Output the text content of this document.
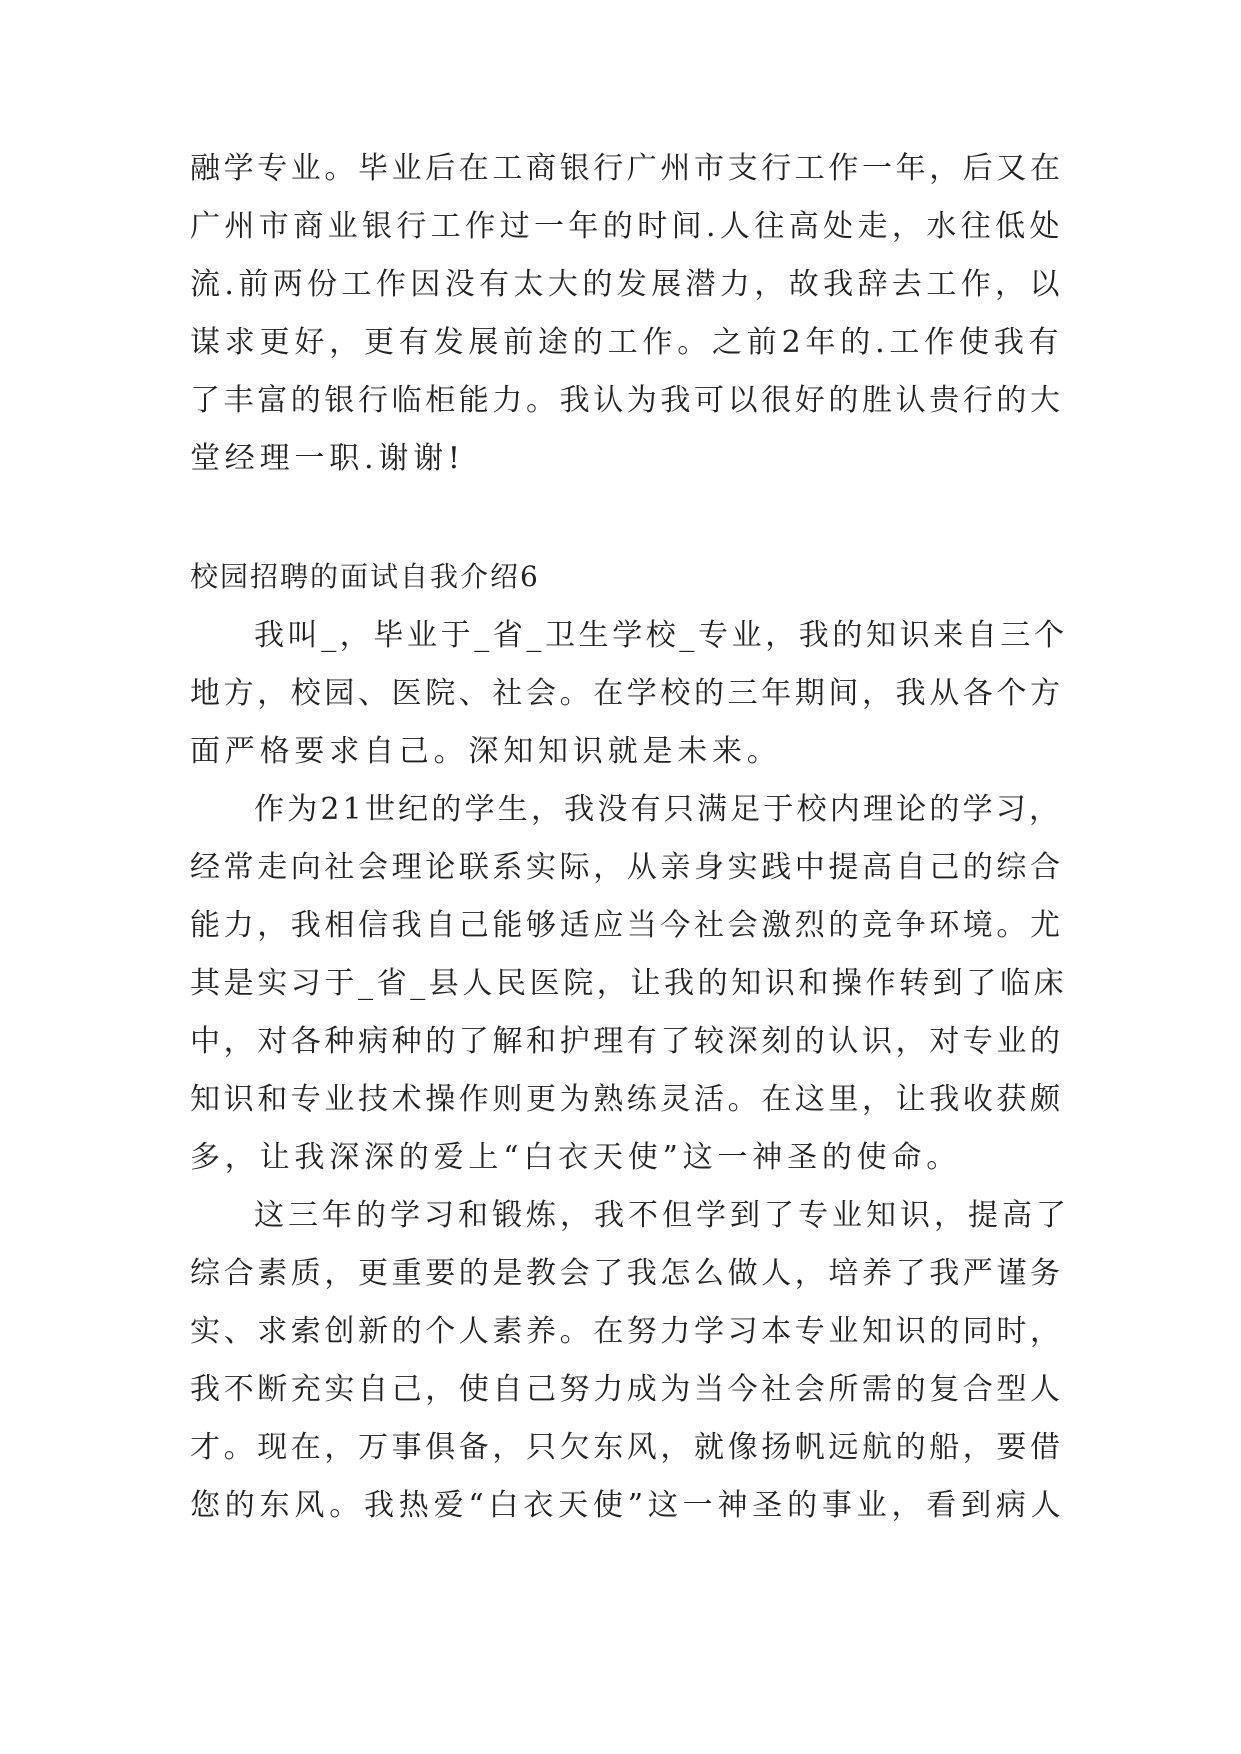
融学专业。毕业后在工商银行广州市支行工作一年，后又在
广州市商业银行工作过一年的时间.人往高处走，水往低处
流.前两份工作因没有太大的发展潜力，故我辞去工作，以
谋求更好，更有发展前途的工作。之前2年的.工作使我有
了丰富的银行临柜能力。我认为我可以很好的胜认贵行的大
堂经理一职.谢谢!
校园招聘的面试自我介绍6
我叫_，毕业于_省_卫生学校_专业，我的知识来自三个
地方，校园、医院、社会。在学校的三年期间，我从各个方
面严格要求自己。深知知识就是未来。
作为21世纪的学生，我没有只满足于校内理论的学习，
经常走向社会理论联系实际，从亲身实践中提高自己的综合
能力，我相信我自己能够适应当今社会激烈的竞争环境。尤
其是实习于_省_县人民医院，让我的知识和操作转到了临床
中，对各种病种的了解和护理有了较深刻的认识，对专业的
知识和专业技术操作则更为熟练灵活。在这里，让我收获颇
多，让我深深的爱上“白衣天使”这一神圣的使命。
这三年的学习和锻炼，我不但学到了专业知识，提高了
综合素质，更重要的是教会了我怎么做人，培养了我严谨务
实、求索创新的个人素养。在努力学习本专业知识的同时，
我不断充实自己，使自己努力成为当今社会所需的复合型人
才。现在，万事俱备，只欠东风，就像扬帆远航的船，要借
您的东风。我热爱“白衣天使”这一神圣的事业，看到病人
